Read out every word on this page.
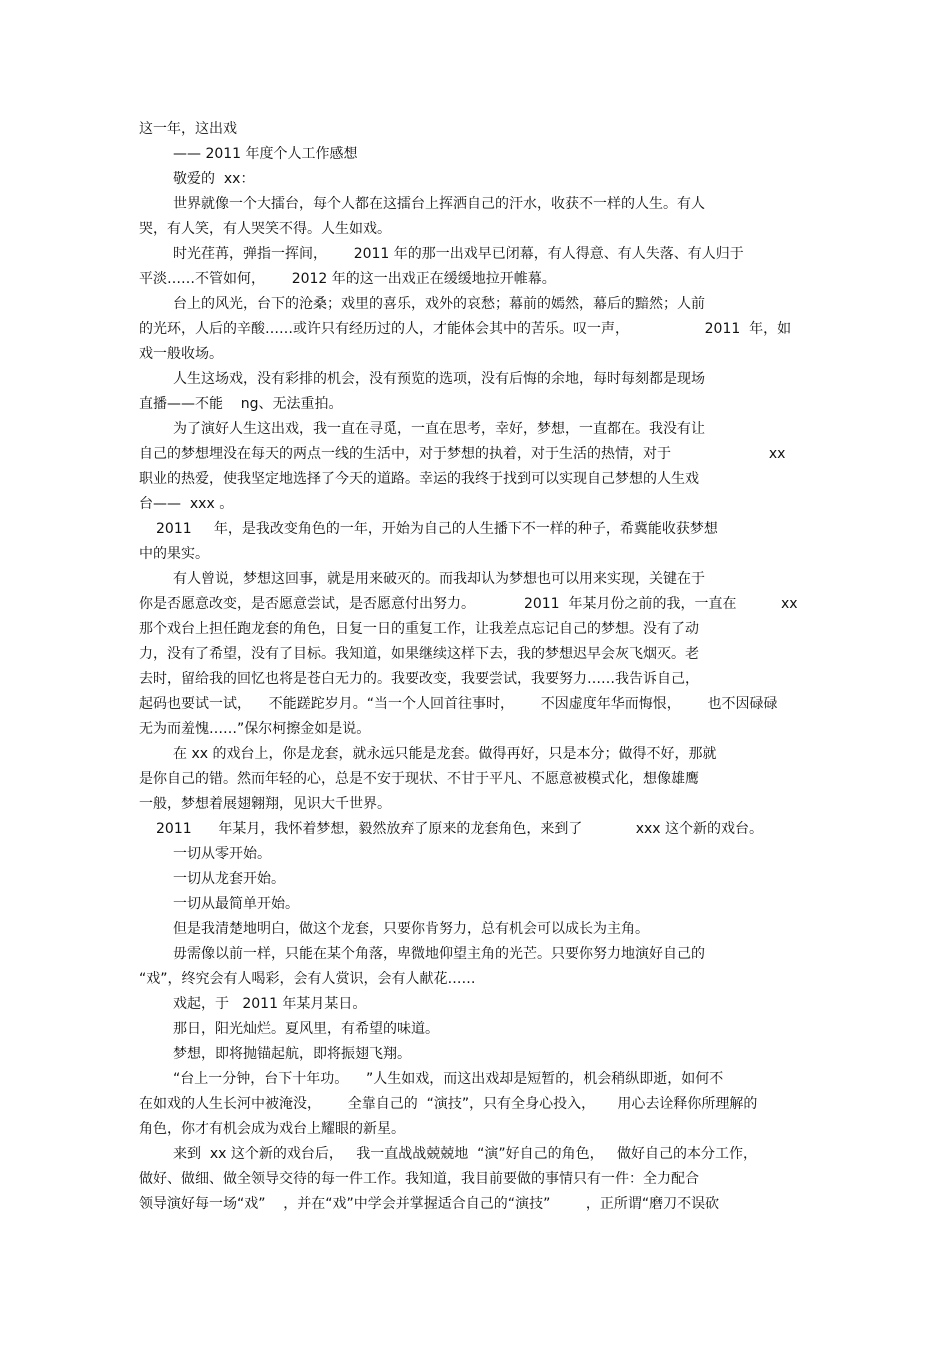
这一年，这出戏
—— 2011 年度个人工作感想
敬爱的  xx：
世界就像一个大擂台，每个人都在这擂台上挥洒自己的汗水，收获不一样的人生。有人
哭，有人笑，有人哭笑不得。人生如戏。
时光荏苒，弹指一挥间，      2011 年的那一出戏早已闭幕，有人得意、有人失落、有人归于
平淡……不管如何，      2012 年的这一出戏正在缓缓地拉开帷幕。
台上的风光，台下的沧桑；戏里的喜乐，戏外的哀愁；幕前的嫣然，幕后的黯然；人前
的光环，人后的辛酸……或许只有经历过的人，才能体会其中的苦乐。叹一声，                 2011  年，如
戏一般收场。
人生这场戏，没有彩排的机会，没有预览的选项，没有后悔的余地，每时每刻都是现场
直播——不能    ng、无法重拍。
为了演好人生这出戏，我一直在寻觅，一直在思考，幸好，梦想，一直都在。我没有让
自己的梦想埋没在每天的两点一线的生活中，对于梦想的执着，对于生活的热情，对于                      xx
职业的热爱，使我坚定地选择了今天的道路。幸运的我终于找到可以实现自己梦想的人生戏
台——  xxx 。
2011     年，是我改变角色的一年，开始为自己的人生播下不一样的种子，希冀能收获梦想
中的果实。
有人曾说，梦想这回事，就是用来破灭的。而我却认为梦想也可以用来实现，关键在于
你是否愿意改变，是否愿意尝试，是否愿意付出努力。           2011  年某月份之前的我，一直在          xx
那个戏台上担任跑龙套的角色，日复一日的重复工作，让我差点忘记自己的梦想。没有了动
力，没有了希望，没有了目标。我知道，如果继续这样下去，我的梦想迟早会灰飞烟灭。老
去时，留给我的回忆也将是苍白无力的。我要改变，我要尝试，我要努力……我告诉自己，
起码也要试一试，    不能蹉跎岁月。“当一个人回首往事时，      不因虚度年华而悔恨，      也不因碌碌
无为而羞愧……”保尔柯擦金如是说。
在 xx 的戏台上，你是龙套，就永远只能是龙套。做得再好，只是本分；做得不好，那就
是你自己的错。然而年轻的心，总是不安于现状、不甘于平凡、不愿意被模式化，想像雄鹰
一般，梦想着展翅翱翔，见识大千世界。
2011      年某月，我怀着梦想，毅然放弃了原来的龙套角色，来到了            xxx 这个新的戏台。
一切从零开始。
一切从龙套开始。
一切从最简单开始。
但是我清楚地明白，做这个龙套，只要你肯努力，总有机会可以成长为主角。
毋需像以前一样，只能在某个角落，卑微地仰望主角的光芒。只要你努力地演好自己的
“戏”，终究会有人喝彩，会有人赏识，会有人献花……
戏起，于   2011 年某月某日。
那日，阳光灿烂。夏风里，有希望的味道。
梦想，即将抛锚起航，即将振翅飞翔。
“台上一分钟，台下十年功。    ”人生如戏，而这出戏却是短暂的，机会稍纵即逝，如何不
在如戏的人生长河中被淹没，      全靠自己的  “演技”，只有全身心投入，     用心去诠释你所理解的
角色，你才有机会成为戏台上耀眼的新星。
来到  xx 这个新的戏台后，   我一直战战兢兢地  “演”好自己的角色，   做好自己的本分工作，
做好、做细、做全领导交待的每一件工作。我知道，我目前要做的事情只有一件：全力配合
领导演好每一场“戏”    ，并在“戏”中学会并掌握适合自己的“演技”        ，正所谓“磨刀不误砍
